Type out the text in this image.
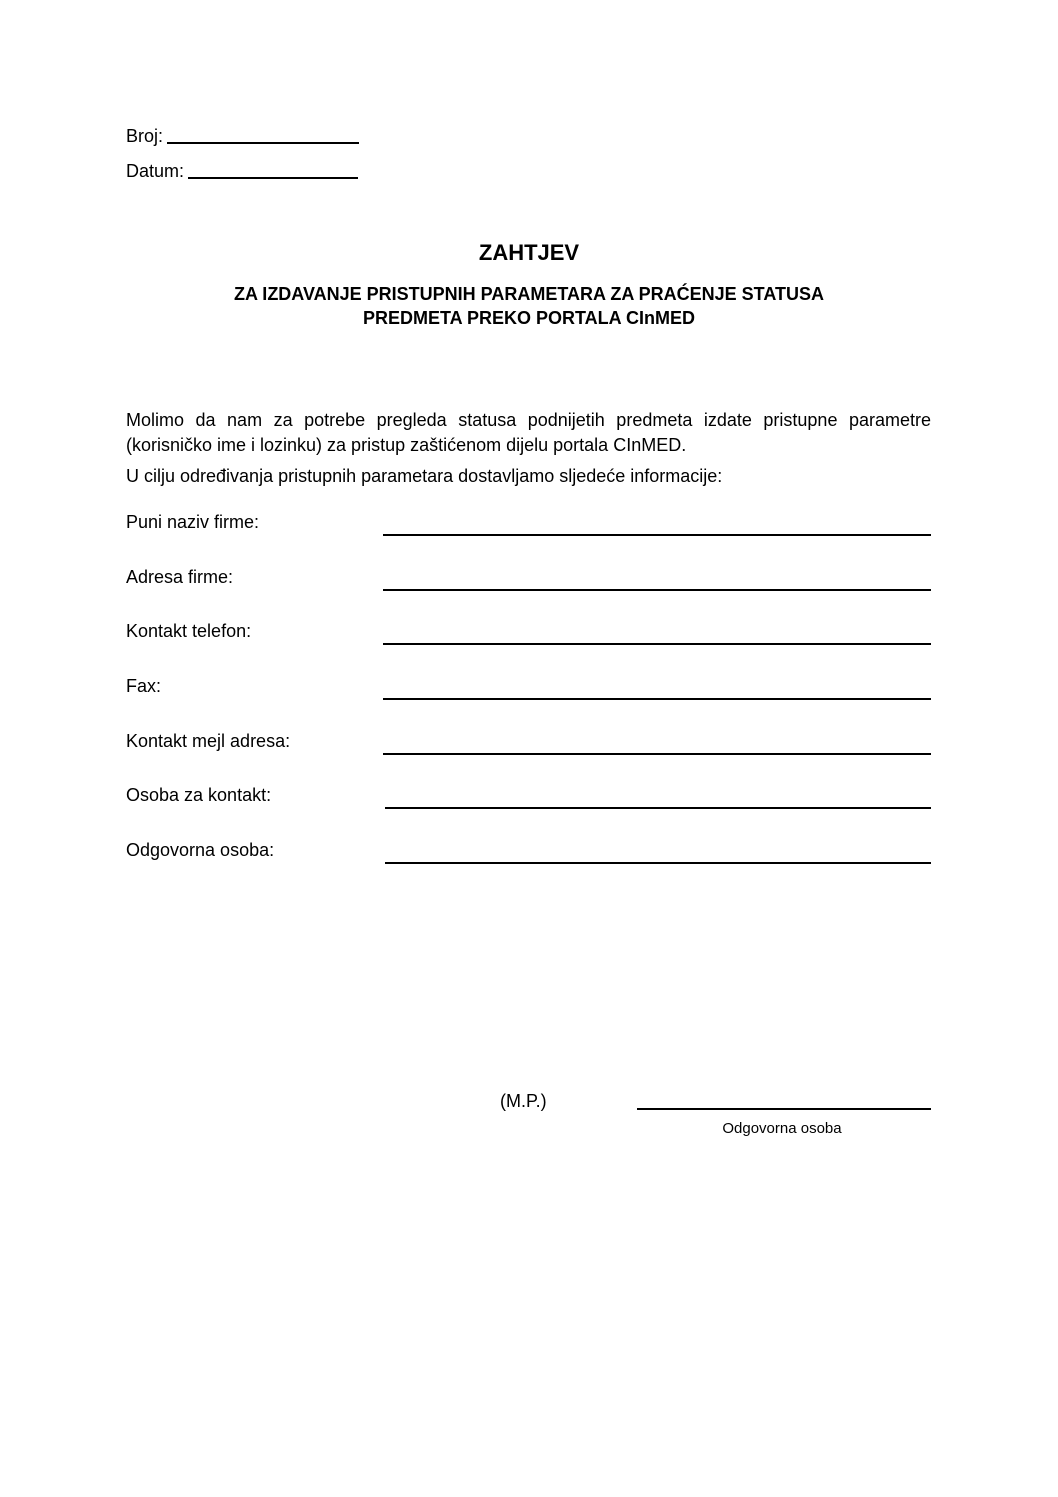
Broj:
Datum:
ZAHTJEV
ZA IZDAVANJE PRISTUPNIH PARAMETARA ZA PRAĆENJE STATUSA
PREDMETA PREKO PORTALA CInMED
Molimo da nam za potrebe pregleda statusa podnijetih predmeta izdate pristupne parametre (korisničko ime i lozinku) za pristup zaštićenom dijelu portala CInMED.
U cilju određivanja pristupnih parametara dostavljamo sljedeće informacije:
Puni naziv firme:
Adresa firme:
Kontakt telefon:
Fax:
Kontakt mejl adresa:
Osoba za kontakt:
Odgovorna osoba:
(M.P.)
Odgovorna osoba
